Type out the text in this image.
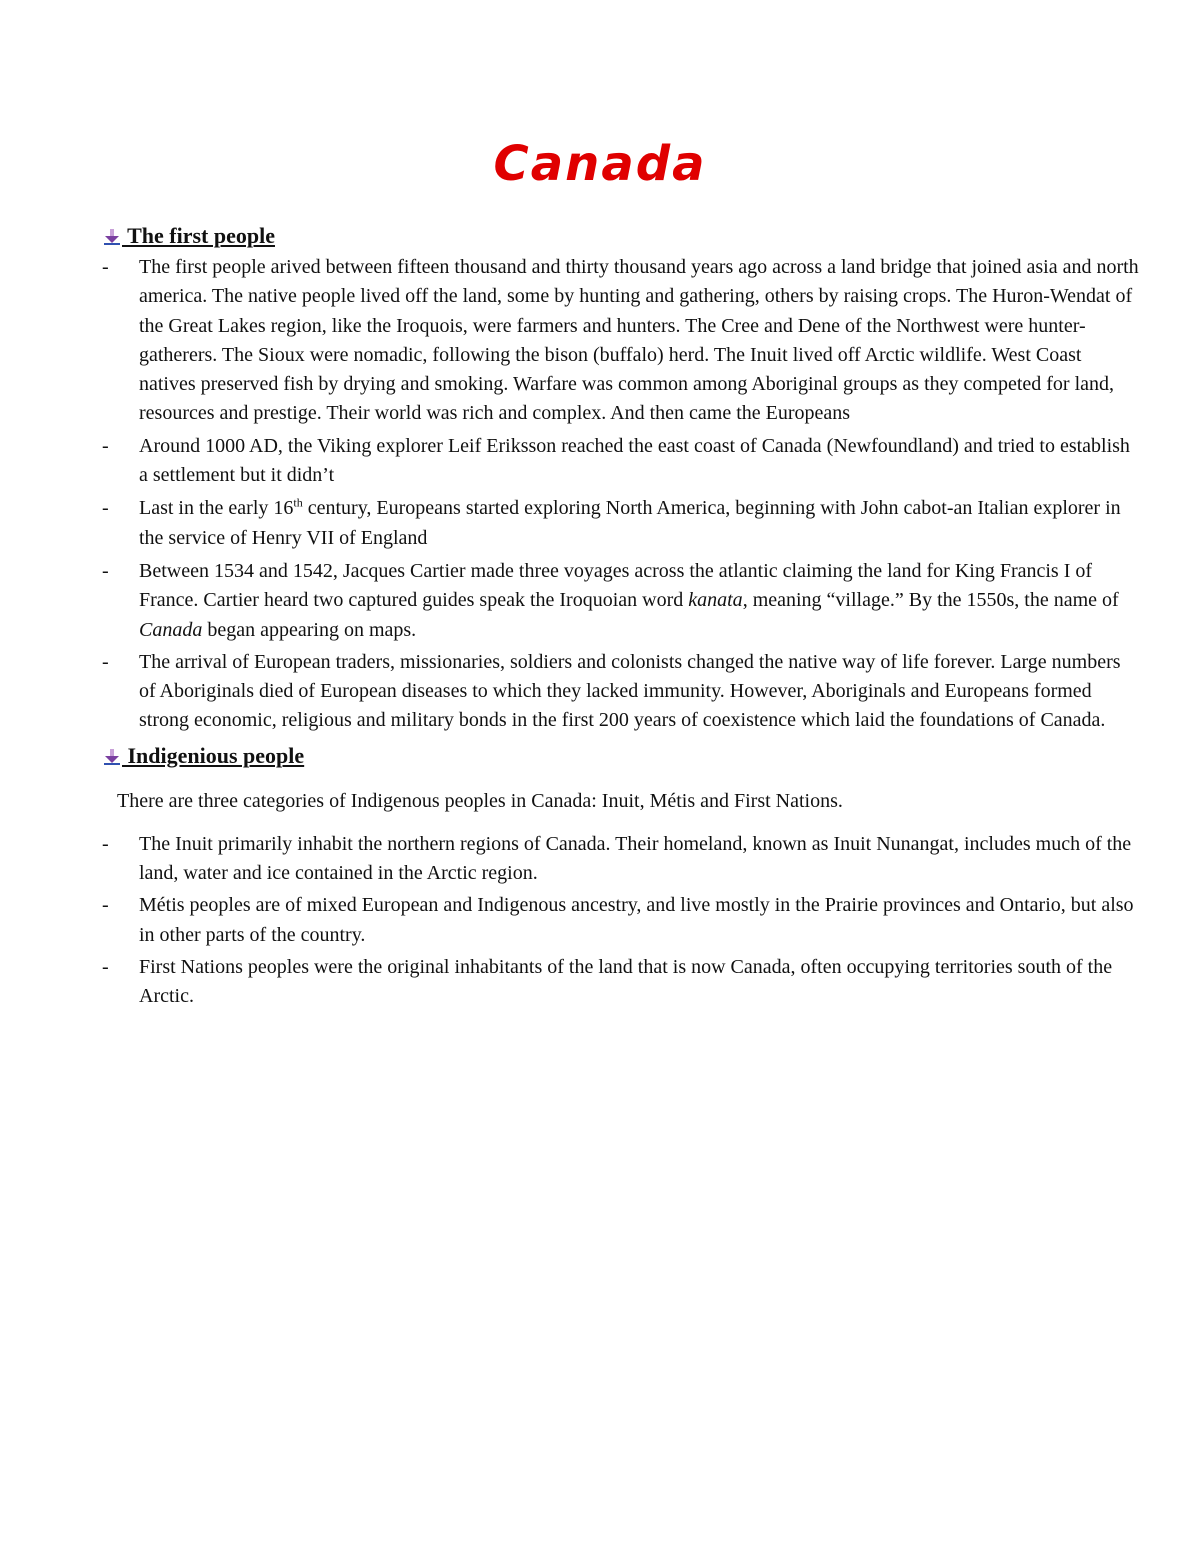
Canada
The first people
- The first people arived between fifteen thousand and thirty thousand years ago across a land bridge that joined asia and north america. The native people lived off the land, some by hunting and gathering, others by raising crops. The Huron-Wendat of the Great Lakes region, like the Iroquois, were farmers and hunters. The Cree and Dene of the Northwest were hunter-gatherers. The Sioux were nomadic, following the bison (buffalo) herd. The Inuit lived off Arctic wildlife. West Coast natives preserved fish by drying and smoking. Warfare was common among Aboriginal groups as they competed for land, resources and prestige. Their world was rich and complex. And then came the Europeans
- Around 1000 AD, the Viking explorer Leif Eriksson reached the east coast of Canada (Newfoundland) and tried to establish a settlement but it didn’t
- Last in the early 16th century, Europeans started exploring North America, beginning with John cabot-an Italian explorer in the service of Henry VII of England
- Between 1534 and 1542, Jacques Cartier made three voyages across the atlantic claiming the land for King Francis I of France. Cartier heard two captured guides speak the Iroquoian word kanata, meaning “village.” By the 1550s, the name of Canada began appearing on maps.
- The arrival of European traders, missionaries, soldiers and colonists changed the native way of life forever. Large numbers of Aboriginals died of European diseases to which they lacked immunity. However, Aboriginals and Europeans formed strong economic, religious and military bonds in the first 200 years of coexistence which laid the foundations of Canada.
Indigenious people

There are three categories of Indigenous peoples in Canada: Inuit, Métis and First Nations.

- The Inuit primarily inhabit the northern regions of Canada. Their homeland, known as Inuit Nunangat, includes much of the land, water and ice contained in the Arctic region.
- Métis peoples are of mixed European and Indigenous ancestry, and live mostly in the Prairie provinces and Ontario, but also in other parts of the country.
- First Nations peoples were the original inhabitants of the land that is now Canada, often occupying territories south of the Arctic.
